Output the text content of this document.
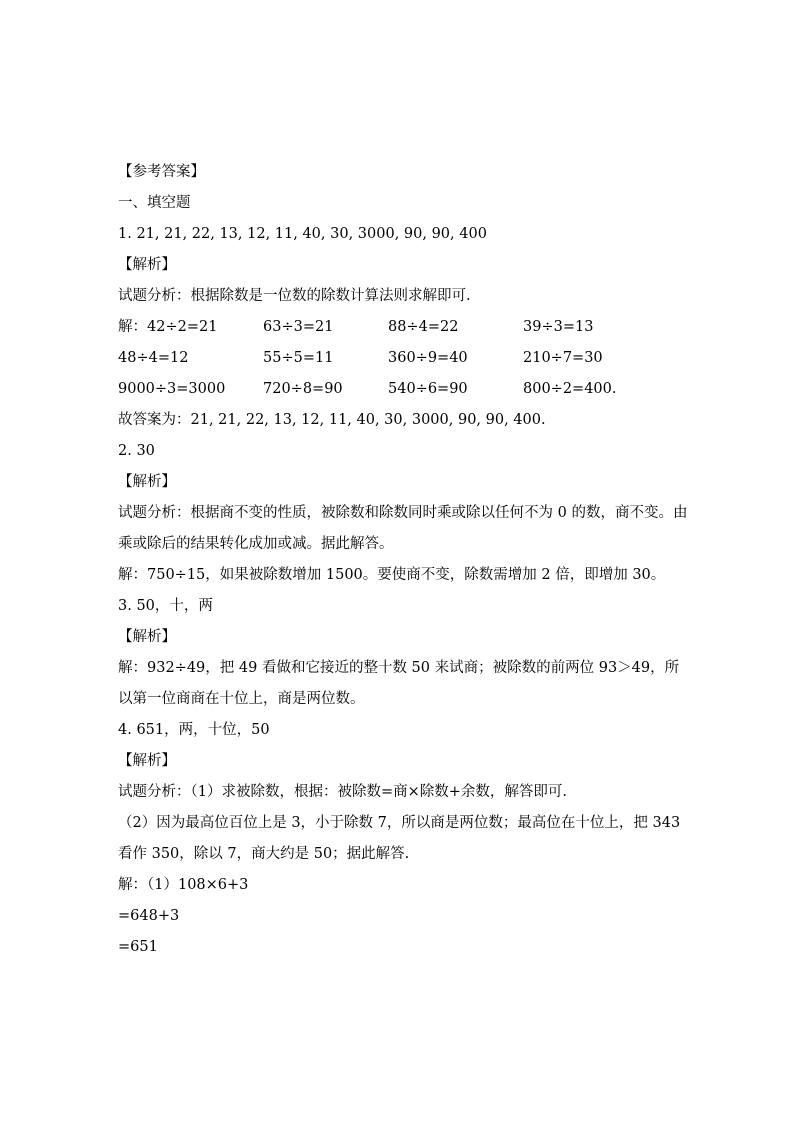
【参考答案】
一、填空题
1. 21, 21, 22, 13, 12, 11, 40, 30, 3000, 90, 90, 400
【解析】
试题分析：根据除数是一位数的除数计算法则求解即可.
解：42÷2=21	63÷3=21	88÷4=22	39÷3=13
48÷4=12	55÷5=11	360÷9=40	210÷7=30
9000÷3=3000	720÷8=90	540÷6=90	800÷2=400.
故答案为：21, 21, 22, 13, 12, 11, 40, 30, 3000, 90, 90, 400.
2. 30
【解析】
试题分析：根据商不变的性质，被除数和除数同时乘或除以任何不为 0 的数，商不变。由乘或除后的结果转化成加或减。据此解答。
解：750÷15，如果被除数增加 1500。要使商不变，除数需增加 2 倍，即增加 30。
3. 50，十，两
【解析】
解：932÷49，把 49 看做和它接近的整十数 50 来试商；被除数的前两位 93＞49，所以第一位商商在十位上，商是两位数。
4. 651，两，十位，50
【解析】
试题分析：（1）求被除数，根据：被除数=商×除数+余数，解答即可.
（2）因为最高位百位上是 3，小于除数 7，所以商是两位数；最高位在十位上，把 343 看作 350，除以 7，商大约是 50；据此解答.
解：（1）108×6+3
=648+3
=651
